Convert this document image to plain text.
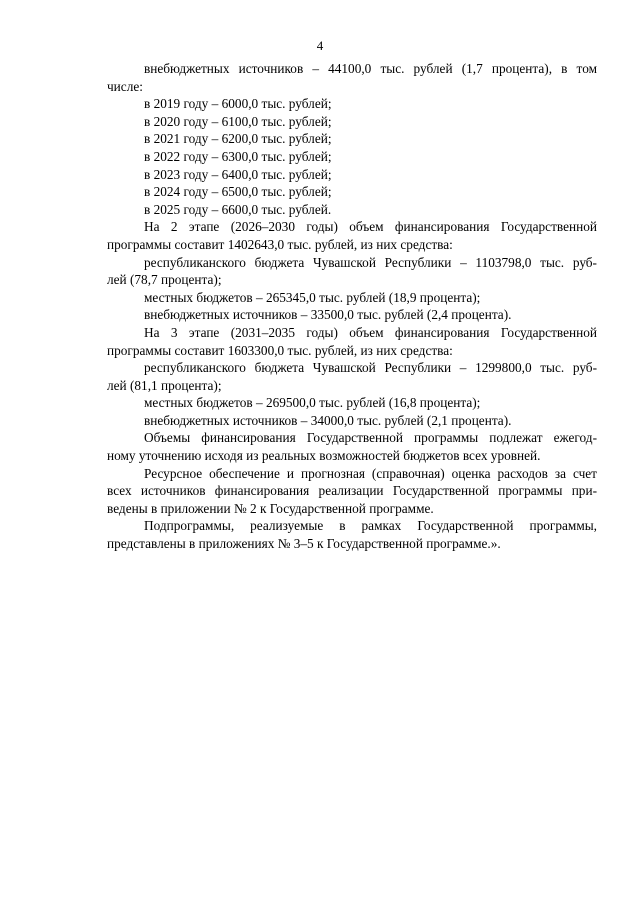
4
внебюджетных источников – 44100,0 тыс. рублей (1,7 процента), в том
числе:
в 2019 году – 6000,0 тыс. рублей;
в 2020 году – 6100,0 тыс. рублей;
в 2021 году – 6200,0 тыс. рублей;
в 2022 году – 6300,0 тыс. рублей;
в 2023 году – 6400,0 тыс. рублей;
в 2024 году – 6500,0 тыс. рублей;
в 2025 году – 6600,0 тыс. рублей.
На 2 этапе (2026–2030 годы) объем финансирования Государственной
программы составит 1402643,0 тыс. рублей, из них средства:
республиканского бюджета Чувашской Республики – 1103798,0 тыс. руб-
лей (78,7 процента);
местных бюджетов – 265345,0 тыс. рублей (18,9 процента);
внебюджетных источников – 33500,0 тыс. рублей (2,4 процента).
На 3 этапе (2031–2035 годы) объем финансирования Государственной
программы составит 1603300,0 тыс. рублей, из них средства:
республиканского бюджета Чувашской Республики – 1299800,0 тыс. руб-
лей (81,1 процента);
местных бюджетов – 269500,0 тыс. рублей (16,8 процента);
внебюджетных источников – 34000,0 тыс. рублей (2,1 процента).
Объемы финансирования Государственной программы подлежат ежегод-
ному уточнению исходя из реальных возможностей бюджетов всех уровней.
Ресурсное обеспечение и прогнозная (справочная) оценка расходов за счет
всех источников финансирования реализации Государственной программы при-
ведены в приложении № 2 к Государственной программе.
Подпрограммы, реализуемые в рамках Государственной программы,
представлены в приложениях № 3–5 к Государственной программе.».
